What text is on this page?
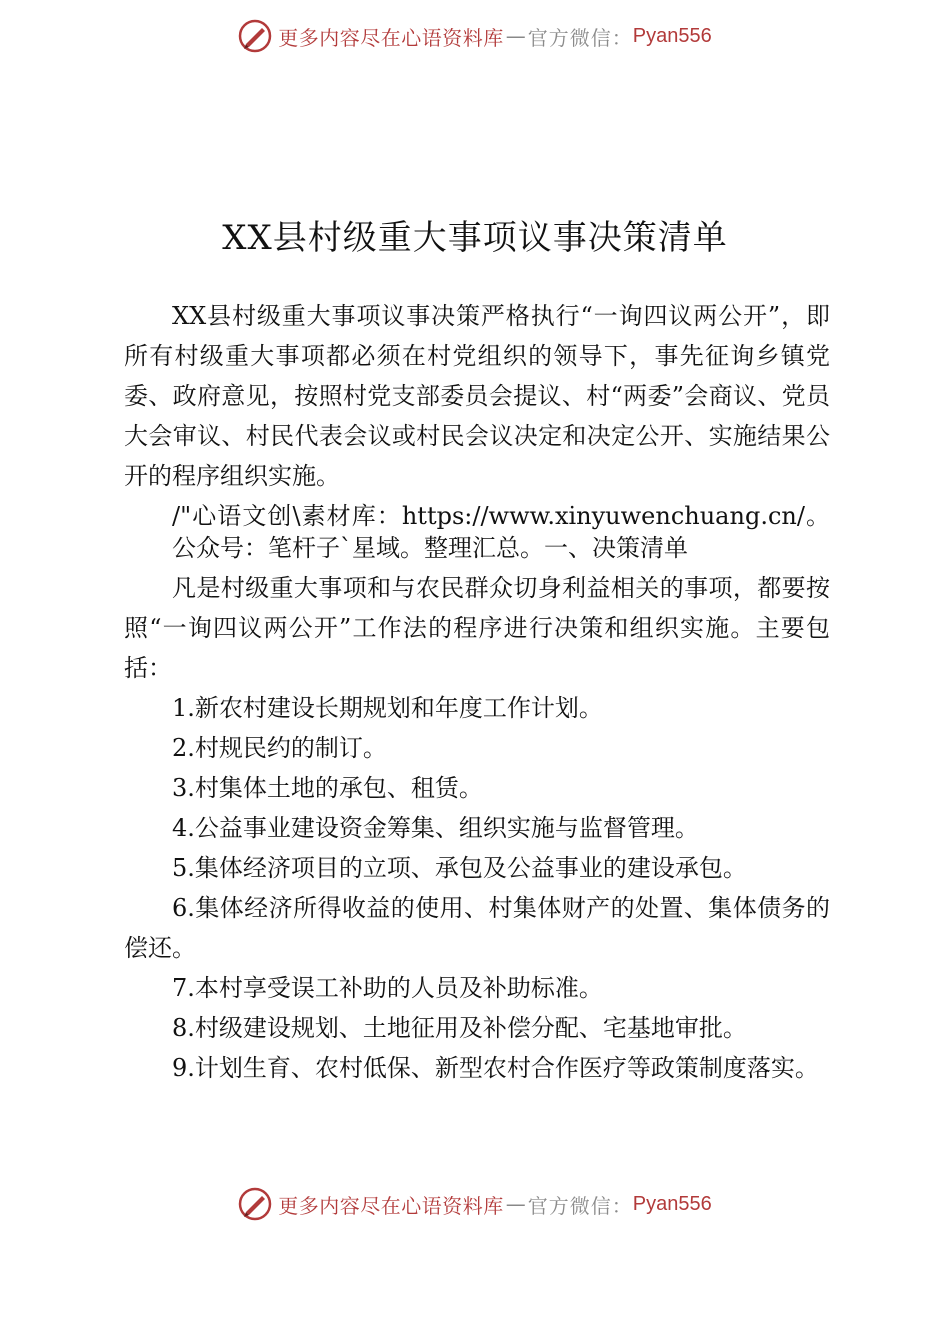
更多内容尽在心语资料库 — 官方微信： Pyan556
XX县村级重大事项议事决策清单

XX县村级重大事项议事决策严格执行“一询四议两公开”，即所有村级重大事项都必须在村党组织的领导下，事先征询乡镇党委、政府意见，按照村党支部委员会提议、村“两委”会商议、党员大会审议、村民代表会议或村民会议决定和决定公开、实施结果公开的程序组织实施。

/"心语文创\素材库：https://www.xinyuwenchuang.cn/。公众号：笔杆子`星域。整理汇总。一、决策清单

凡是村级重大事项和与农民群众切身利益相关的事项，都要按照“一询四议两公开”工作法的程序进行决策和组织实施。主要包括：

1.新农村建设长期规划和年度工作计划。
2.村规民约的制订。
3.村集体土地的承包、租赁。
4.公益事业建设资金筹集、组织实施与监督管理。
5.集体经济项目的立项、承包及公益事业的建设承包。
6.集体经济所得收益的使用、村集体财产的处置、集体债务的偿还。
7.本村享受误工补助的人员及补助标准。
8.村级建设规划、土地征用及补偿分配、宅基地审批。
9.计划生育、农村低保、新型农村合作医疗等政策制度落实。
更多内容尽在心语资料库 — 官方微信： Pyan556
